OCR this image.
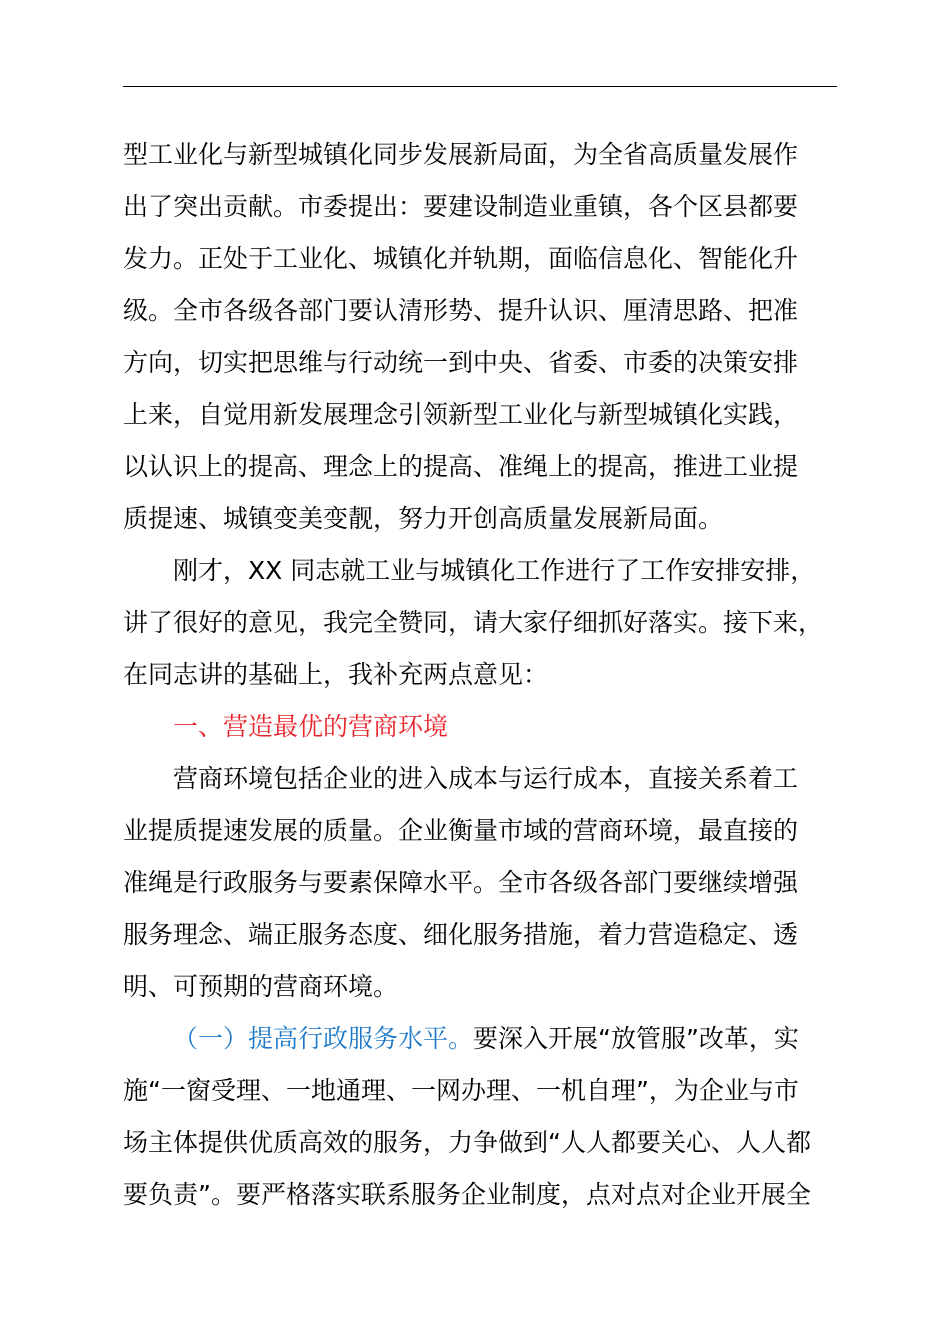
型工业化与新型城镇化同步发展新局面，为全省高质量发展作
出了突出贡献。市委提出：要建设制造业重镇，各个区县都要
发力。正处于工业化、城镇化并轨期，面临信息化、智能化升
级。全市各级各部门要认清形势、提升认识、厘清思路、把准
方向，切实把思维与行动统一到中央、省委、市委的决策安排
上来，自觉用新发展理念引领新型工业化与新型城镇化实践，
以认识上的提高、理念上的提高、准绳上的提高，推进工业提
质提速、城镇变美变靓，努力开创高质量发展新局面。
刚才，XX 同志就工业与城镇化工作进行了工作安排安排，
讲了很好的意见，我完全赞同，请大家仔细抓好落实。接下来，
在同志讲的基础上，我补充两点意见：
一、营造最优的营商环境
营商环境包括企业的进入成本与运行成本，直接关系着工
业提质提速发展的质量。企业衡量市域的营商环境，最直接的
准绳是行政服务与要素保障水平。全市各级各部门要继续增强
服务理念、端正服务态度、细化服务措施，着力营造稳定、透
明、可预期的营商环境。
（一）提高行政服务水平。要深入开展“放管服”改革，实
施“一窗受理、一地通理、一网办理、一机自理”，为企业与市
场主体提供优质高效的服务，力争做到“人人都要关心、人人都
要负责”。要严格落实联系服务企业制度，点对点对企业开展全
